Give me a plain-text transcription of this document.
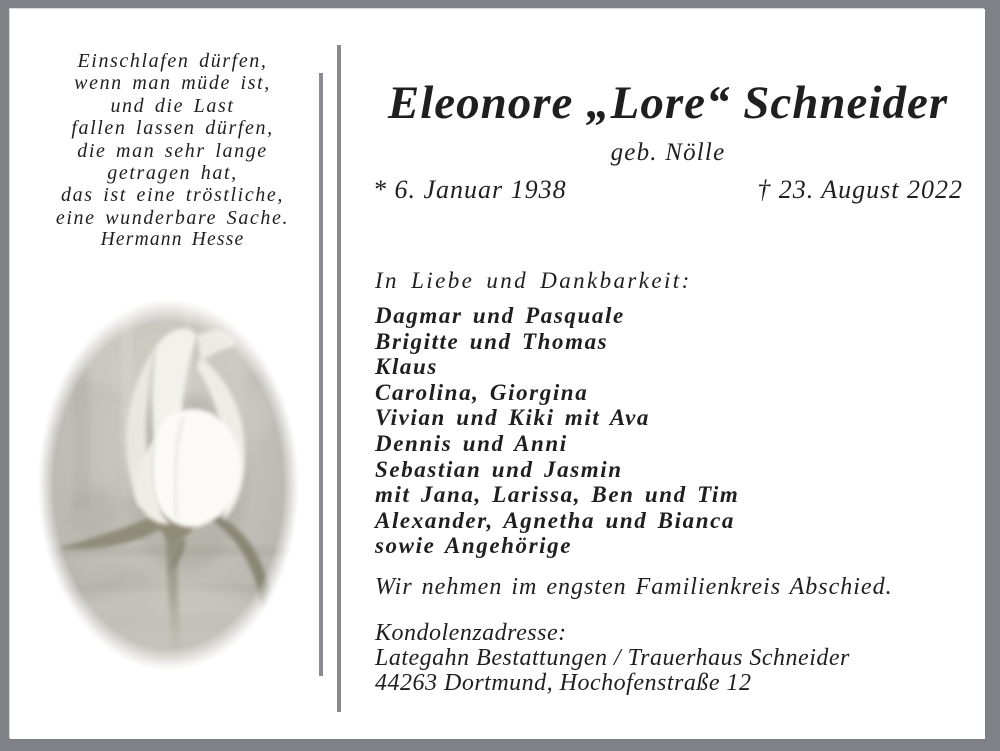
Einschlafen dürfen,
wenn man müde ist,
und die Last
fallen lassen dürfen,
die man sehr lange
getragen hat,
das ist eine tröstliche,
eine wunderbare Sache.
Hermann Hesse
Eleonore „Lore“ Schneider
geb. Nölle
* 6. Januar 1938	† 23. August 2022
In Liebe und Dankbarkeit:
Dagmar und Pasquale
Brigitte und Thomas
Klaus
Carolina, Giorgina
Vivian und Kiki mit Ava
Dennis und Anni
Sebastian und Jasmin
mit Jana, Larissa, Ben und Tim
Alexander, Agnetha und Bianca
sowie Angehörige
Wir nehmen im engsten Familienkreis Abschied.
Kondolenzadresse:
Lategahn Bestattungen / Trauerhaus Schneider
44263 Dortmund, Hochofenstraße 12
